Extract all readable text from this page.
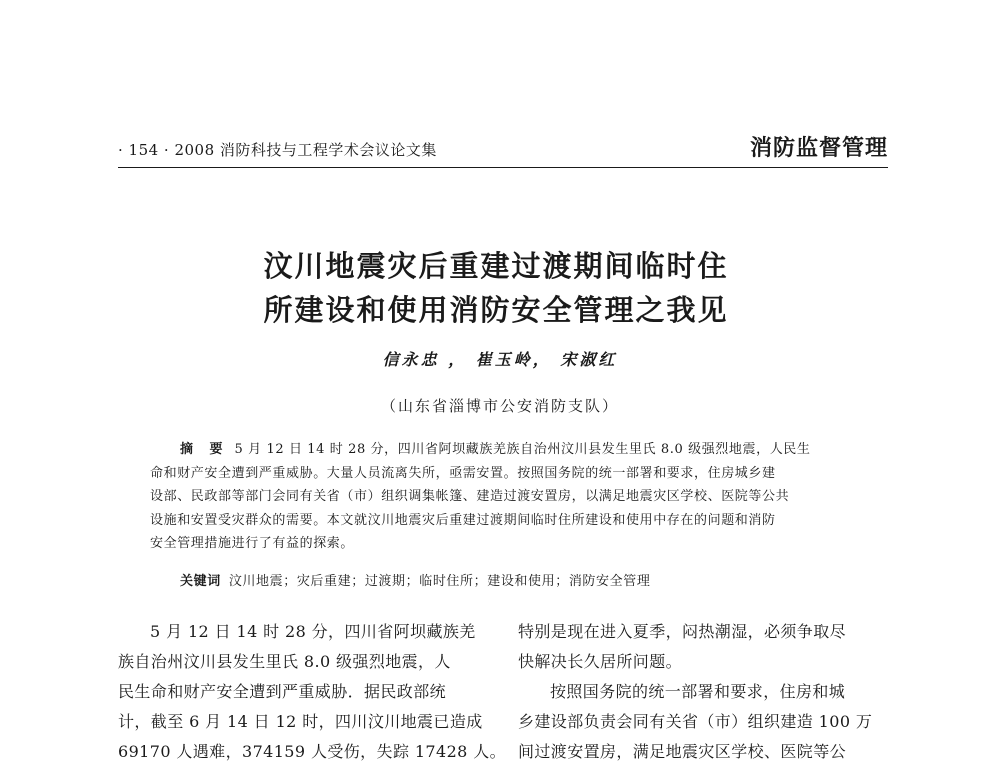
· 154 · 2008 消防科技与工程学术会议论文集	消防监督管理
汶川地震灾后重建过渡期间临时住
所建设和使用消防安全管理之我见
信永忠 ， 崔玉岭， 宋淑红
（山东省淄博市公安消防支队）
摘 要 5 月 12 日 14 时 28 分，四川省阿坝藏族羌族自治州汶川县发生里氏 8.0 级强烈地震，人民生
命和财产安全遭到严重威胁。大量人员流离失所，亟需安置。按照国务院的统一部署和要求，住房城乡建
设部、民政部等部门会同有关省（市）组织调集帐篷、建造过渡安置房，以满足地震灾区学校、医院等公共
设施和安置受灾群众的需要。本文就汶川地震灾后重建过渡期间临时住所建设和使用中存在的问题和消防
安全管理措施进行了有益的探索。
关键词 汶川地震；灾后重建；过渡期；临时住所；建设和使用；消防安全管理
5 月 12 日 14 时 28 分，四川省阿坝藏族羌
族自治州汶川县发生里氏 8.0 级强烈地震，人
民生命和财产安全遭到严重威胁．据民政部统
计，截至 6 月 14 日 12 时，四川汶川地震已造成
69170 人遇难，374159 人受伤，失踪 17428 人。
特别是现在进入夏季，闷热潮湿，必须争取尽
快解决长久居所问题。
按照国务院的统一部署和要求，住房和城
乡建设部负责会同有关省（市）组织建造 100 万
间过渡安置房，满足地震灾区学校、医院等公
